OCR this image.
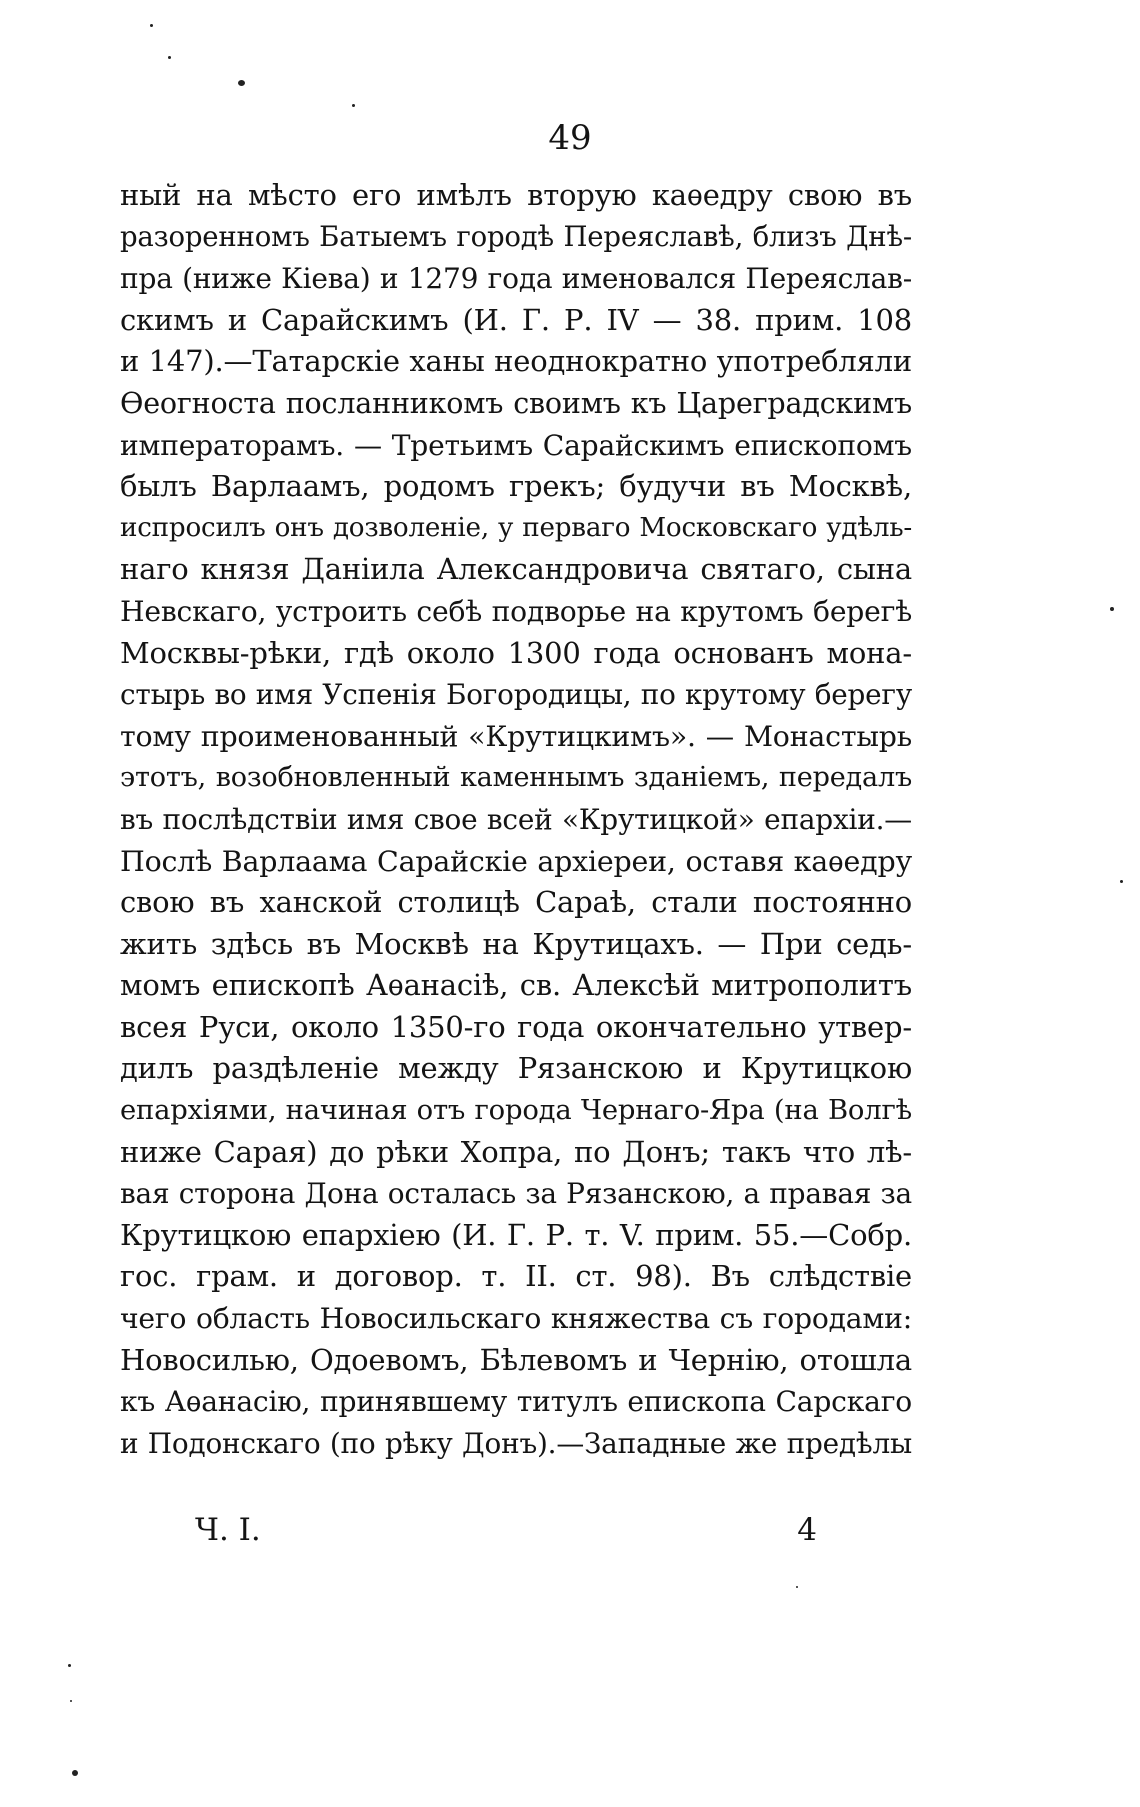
49
ный на мѣсто его имѣлъ вторую каѳедру свою въ
разоренномъ Батыемъ городѣ Переяславѣ, близъ Днѣ-
пра (ниже Кіева) и 1279 года именовался Переяслав-
скимъ и Сарайскимъ (И. Г. Р. IV — 38. прим. 108
и 147).—Татарскіе ханы неоднократно употребляли
Ѳеогноста посланникомъ своимъ къ Цареградскимъ
императорамъ. — Третьимъ Сарайскимъ епископомъ
былъ Варлаамъ, родомъ грекъ; будучи въ Москвѣ,
испросилъ онъ дозволеніе, у перваго Московскаго удѣль-
наго князя Даніила Александровича святаго, сына
Невскаго, устроить себѣ подворье на крутомъ берегѣ
Москвы-рѣки, гдѣ около 1300 года основанъ мона-
стырь во имя Успенія Богородицы, по крутому берегу
тому проименованный «Крутицкимъ». — Монастырь
этотъ, возобновленный каменнымъ зданіемъ, передалъ
въ послѣдствіи имя свое всей «Крутицкой» епархіи.—
Послѣ Варлаама Сарайскіе архіереи, оставя каѳедру
свою въ ханской столицѣ Сараѣ, стали постоянно
жить здѣсь въ Москвѣ на Крутицахъ. — При седь-
момъ епископѣ Аѳанасіѣ, св. Алексѣй митрополитъ
всея Руси, около 1350-го года окончательно утвер-
дилъ раздѣленіе между Рязанскою и Крутицкою
епархіями, начиная отъ города Чернаго-Яра (на Волгѣ
ниже Сарая) до рѣки Хопра, по Донъ; такъ что лѣ-
вая сторона Дона осталась за Рязанскою, а правая за
Крутицкою епархіею (И. Г. Р. т. V. прим. 55.—Собр.
гос. грам. и договор. т. II. ст. 98). Въ слѣдствіе
чего область Новосильскаго княжества съ городами:
Новосилью, Одоевомъ, Бѣлевомъ и Чернію, отошла
къ Аѳанасію, принявшему титулъ епископа Сарскаго
и Подонскаго (по рѣку Донъ).—Западные же предѣлы
Ч. I.	4
